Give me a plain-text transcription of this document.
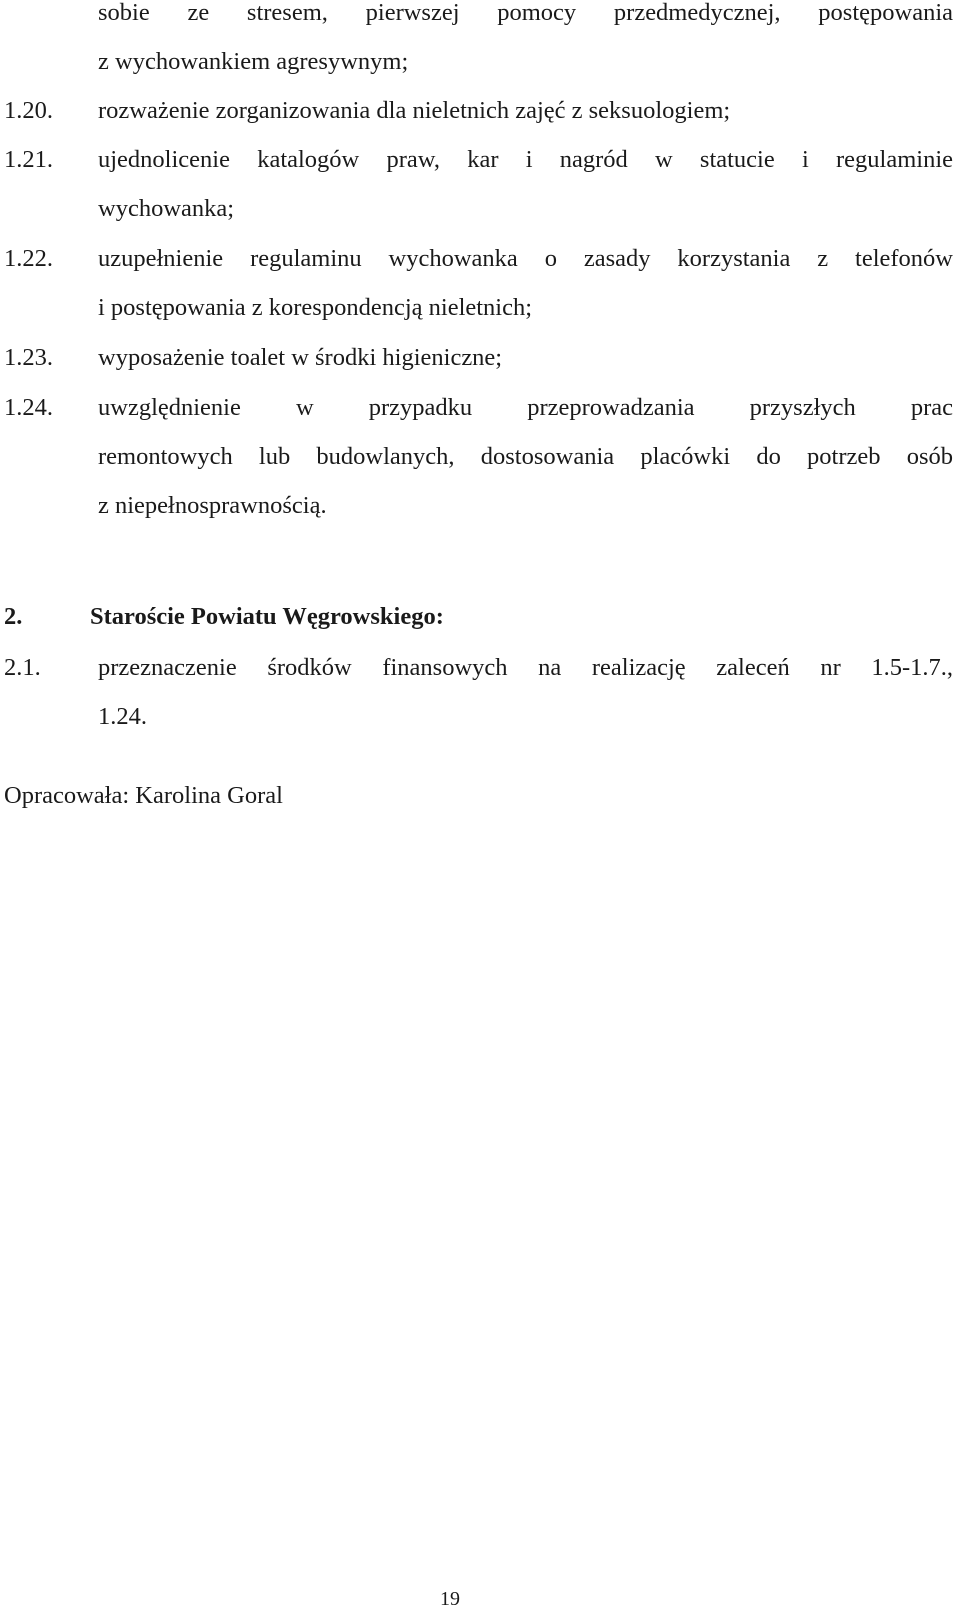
sobie ze stresem, pierwszej pomocy przedmedycznej, postępowania
z wychowankiem agresywnym;
1.20. rozważenie zorganizowania dla nieletnich zajęć z seksuologiem;
1.21. ujednolicenie katalogów praw, kar i nagród w statucie i regulaminie
wychowanka;
1.22. uzupełnienie regulaminu wychowanka o zasady korzystania z telefonów
i postępowania z korespondencją nieletnich;
1.23. wyposażenie toalet w środki higieniczne;
1.24. uwzględnienie w przypadku przeprowadzania przyszłych prac
remontowych lub budowlanych, dostosowania placówki do potrzeb osób
z niepełnosprawnością.
2.	Staroście Powiatu Węgrowskiego:
2.1. przeznaczenie środków finansowych na realizację zaleceń nr 1.5-1.7.,
1.24.
Opracowała: Karolina Goral
19
